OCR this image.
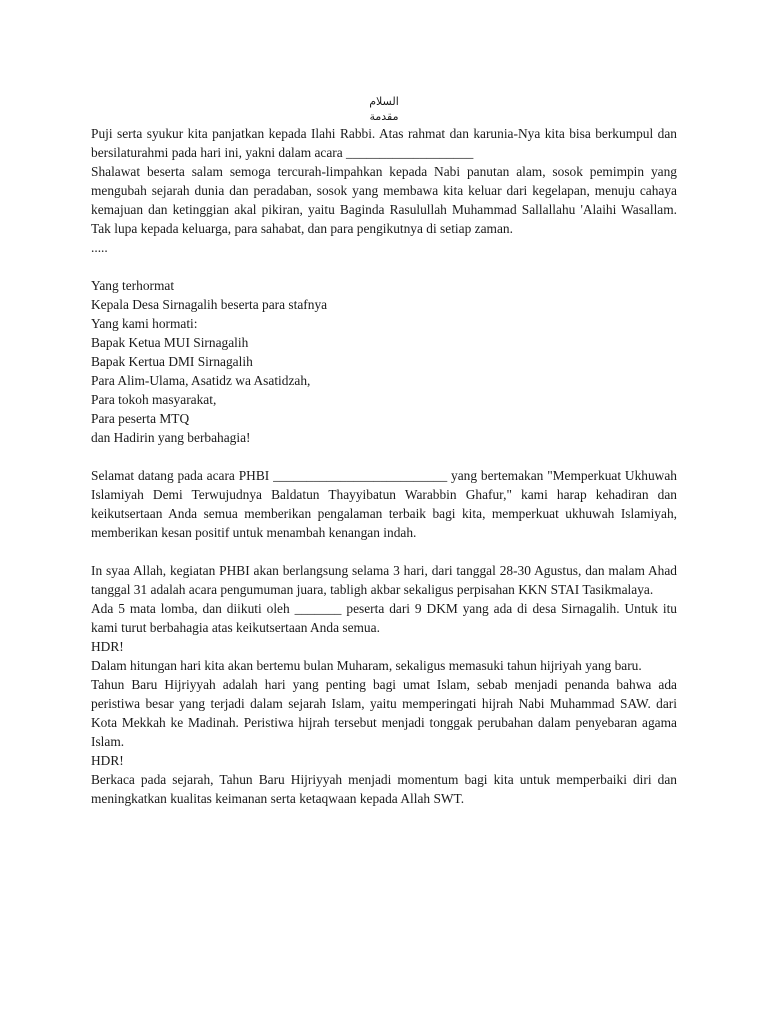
السلام
مقدمة

Puji serta syukur kita panjatkan kepada Ilahi Rabbi. Atas rahmat dan karunia-Nya kita bisa berkumpul dan bersilaturahmi pada hari ini, yakni dalam acara ___________________

Shalawat beserta salam semoga tercurah-limpahkan kepada Nabi panutan alam, sosok pemimpin yang mengubah sejarah dunia dan peradaban, sosok yang membawa kita keluar dari kegelapan, menuju cahaya kemajuan dan ketinggian akal pikiran, yaitu Baginda Rasulullah Muhammad Sallallahu 'Alaihi Wasallam. Tak lupa kepada keluarga, para sahabat, dan para pengikutnya di setiap zaman.

.....

Yang terhormat

Kepala Desa Sirnagalih beserta para stafnya

Yang kami hormati:

Bapak Ketua MUI Sirnagalih

Bapak Kertua DMI Sirnagalih

Para Alim-Ulama, Asatidz wa Asatidzah,

Para tokoh masyarakat,

Para peserta MTQ

dan Hadirin yang berbahagia!

Selamat datang pada acara PHBI __________________________ yang bertemakan "Memperkuat Ukhuwah Islamiyah Demi Terwujudnya Baldatun Thayyibatun Warabbin Ghafur," kami harap kehadiran dan keikutsertaan Anda semua memberikan pengalaman terbaik bagi kita, memperkuat ukhuwah Islamiyah, memberikan kesan positif untuk menambah kenangan indah.

In syaa Allah, kegiatan PHBI akan berlangsung selama 3 hari, dari tanggal 28-30 Agustus, dan malam Ahad tanggal 31 adalah acara pengumuman juara, tabligh akbar sekaligus perpisahan KKN STAI Tasikmalaya.

Ada 5 mata lomba, dan diikuti oleh _______ peserta dari 9 DKM yang ada di desa Sirnagalih. Untuk itu kami turut berbahagia atas keikutsertaan Anda semua.

HDR!

Dalam hitungan hari kita akan bertemu bulan Muharam, sekaligus memasuki tahun hijriyah yang baru.

Tahun Baru Hijriyyah adalah hari yang penting bagi umat Islam, sebab menjadi penanda bahwa ada peristiwa besar yang terjadi dalam sejarah Islam, yaitu memperingati hijrah Nabi Muhammad SAW. dari Kota Mekkah ke Madinah. Peristiwa hijrah tersebut menjadi tonggak perubahan dalam penyebaran agama Islam.

HDR!

Berkaca pada sejarah, Tahun Baru Hijriyyah menjadi momentum bagi kita untuk memperbaiki diri dan meningkatkan kualitas keimanan serta ketaqwaan kepada Allah SWT.
